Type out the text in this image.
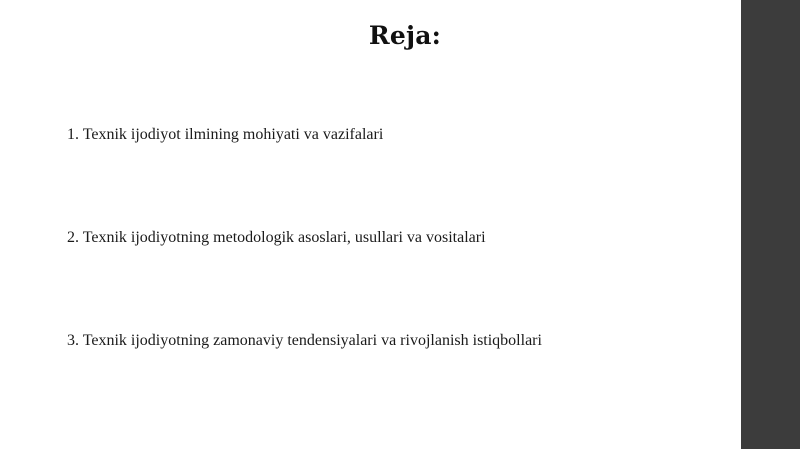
Reja:

1. Texnik ijodiyot ilmining mohiyati va vazifalari

2. Texnik ijodiyotning metodologik asoslari, usullari va vositalari

3. Texnik ijodiyotning zamonaviy tendensiyalari va rivojlanish istiqbollari
